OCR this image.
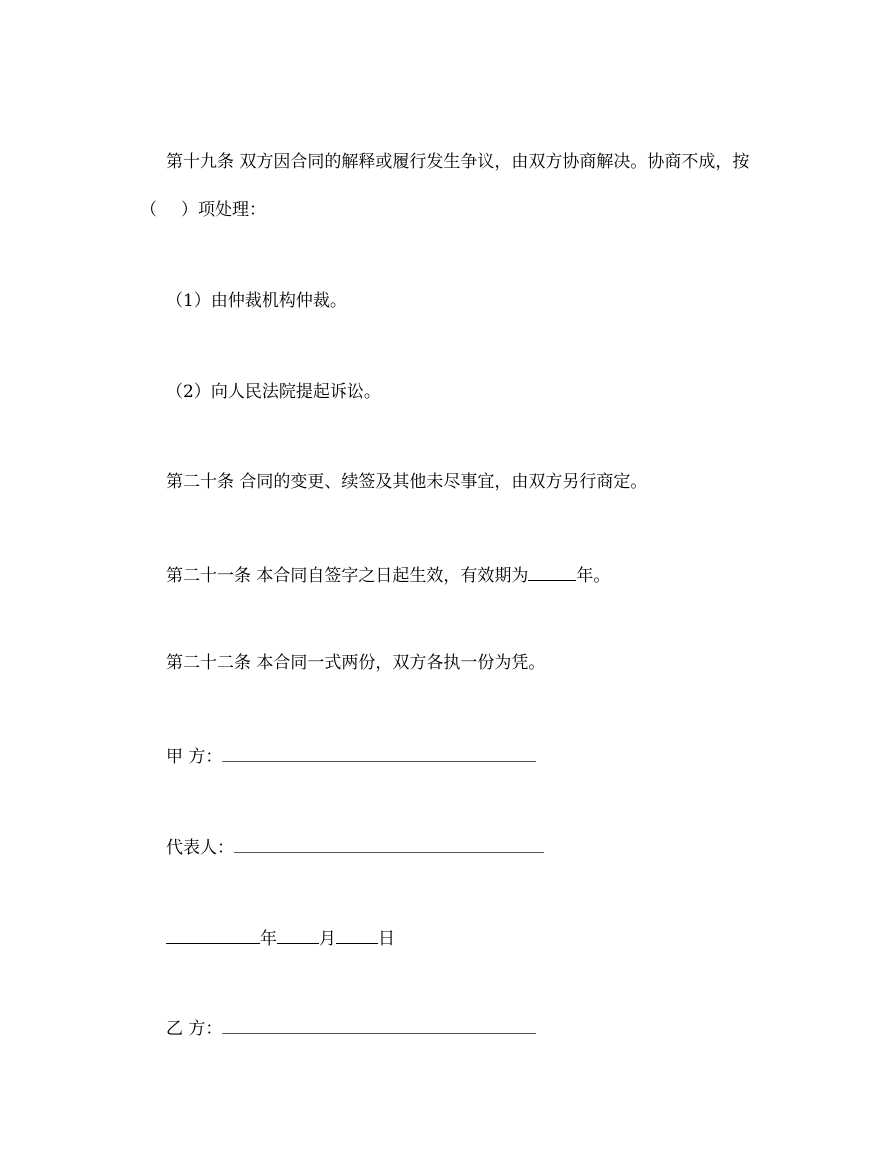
第十九条 双方因合同的解释或履行发生争议，由双方协商解决。协商不成，按
（ ）项处理：
（1）由仲裁机构仲裁。
（2）向人民法院提起诉讼。
第二十条 合同的变更、续签及其他未尽事宜，由双方另行商定。
第二十一条 本合同自签字之日起生效，有效期为	年。
第二十二条 本合同一式两份，双方各执一份为凭。
甲 方：
代表人：
年 月 日
乙 方：
